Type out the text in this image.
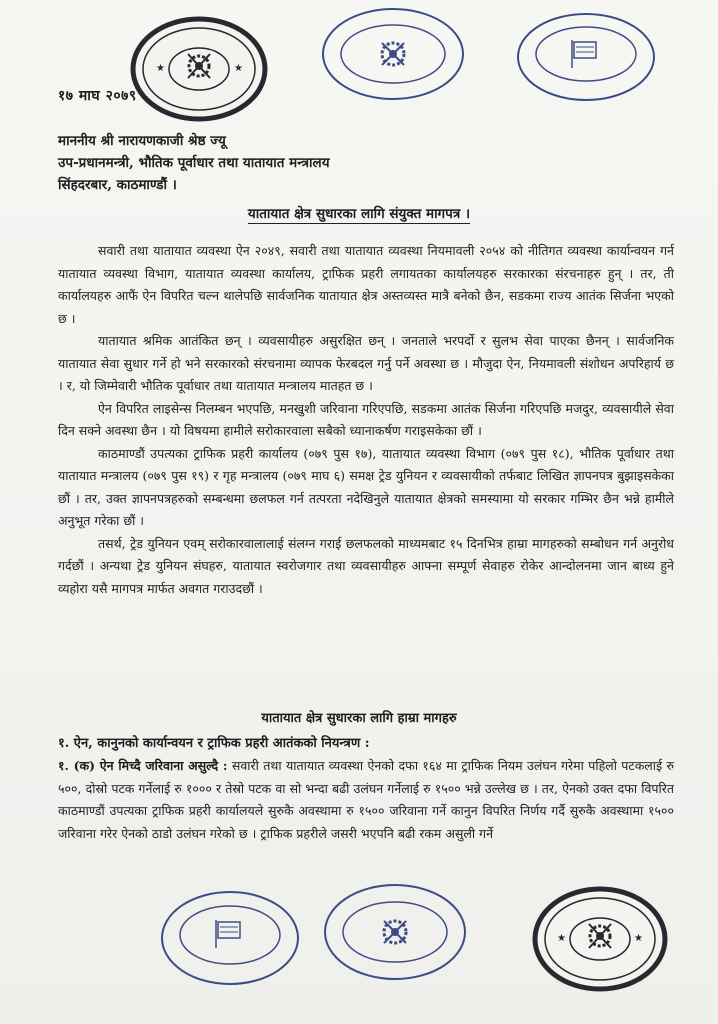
★	★
१७ माघ २०७९
माननीय श्री नारायणकाजी श्रेष्ठ ज्यू
उप-प्रधानमन्त्री, भौतिक पूर्वाधार तथा यातायात मन्त्रालय
सिंहदरबार, काठमाण्डौं ।
यातायात क्षेत्र सुधारका लागि संयुक्त मागपत्र ।

सवारी तथा यातायात व्यवस्था ऐन २०४९, सवारी तथा यातायात व्यवस्था नियमावली २०५४ को नीतिगत व्यवस्था कार्यान्वयन गर्न यातायात व्यवस्था विभाग, यातायात व्यवस्था कार्यालय, ट्राफिक प्रहरी लगायतका कार्यालयहरु सरकारका संरचनाहरु हुन् । तर, ती कार्यालयहरु आफैं ऐन विपरित चल्न थालेपछि सार्वजनिक यातायात क्षेत्र अस्तव्यस्त मात्रै बनेको छैन, सडकमा राज्य आतंक सिर्जना भएको छ ।

यातायात श्रमिक आतंकित छन् । व्यवसायीहरु असुरक्षित छन् । जनताले भरपर्दो र सुलभ सेवा पाएका छैनन् । सार्वजनिक यातायात सेवा सुधार गर्ने हो भने सरकारको संरचनामा व्यापक फेरबदल गर्नु पर्ने अवस्था छ । मौजुदा ऐन, नियमावली संशोधन अपरिहार्य छ । र, यो जिम्मेवारी भौतिक पूर्वाधार तथा यातायात मन्त्रालय मातहत छ ।

ऐन विपरित लाइसेन्स निलम्बन भएपछि, मनखुशी जरिवाना गरिएपछि, सडकमा आतंक सिर्जना गरिएपछि मजदुर, व्यवसायीले सेवा दिन सक्ने अवस्था छैन । यो विषयमा हामीले सरोकारवाला सबैको ध्यानाकर्षण गराइसकेका छौं ।

काठमाण्डौं उपत्यका ट्राफिक प्रहरी कार्यालय (०७९ पुस १७), यातायात व्यवस्था विभाग (०७९ पुस १८), भौतिक पूर्वाधार तथा यातायात मन्त्रालय (०७९ पुस १९) र गृह मन्त्रालय (०७९ माघ ६) समक्ष ट्रेड युनियन र व्यवसायीको तर्फबाट लिखित ज्ञापनपत्र बुझाइसकेका छौं । तर, उक्त ज्ञापनपत्रहरुको सम्बन्धमा छलफल गर्न तत्परता नदेखिनुले यातायात क्षेत्रको समस्यामा यो सरकार गम्भिर छैन भन्ने हामीले अनुभूत गरेका छौं ।

तसर्थ, ट्रेड युनियन एवम् सरोकारवालालाई संलग्न गराई छलफलको माध्यमबाट १५ दिनभित्र हाम्रा मागहरुको सम्बोधन गर्न अनुरोध गर्दछौं । अन्यथा ट्रेड युनियन संघहरु, यातायात स्वरोजगार तथा व्यवसायीहरु आफ्ना सम्पूर्ण सेवाहरु रोकेर आन्दोलनमा जान बाध्य हुने व्यहोरा यसै मागपत्र मार्फत अवगत गराउदछौं ।

यातायात क्षेत्र सुधारका लागि हाम्रा मागहरु
१. ऐन, कानुनको कार्यान्वयन र ट्राफिक प्रहरी आतंकको नियन्त्रण :
१. (क) ऐन मिच्दै जरिवाना असुल्दै : सवारी तथा यातायात व्यवस्था ऐनको दफा १६४ मा ट्राफिक नियम उलंघन गरेमा पहिलो पटकलाई रु ५००, दोस्रो पटक गर्नेलाई रु १००० र तेस्रो पटक वा सो भन्दा बढी उलंघन गर्नेलाई रु १५०० भन्ने उल्लेख छ । तर, ऐनको उक्त दफा विपरित काठमाण्डौं उपत्यका ट्राफिक प्रहरी कार्यालयले सुरुकै अवस्थामा रु १५०० जरिवाना गर्ने कानुन विपरित निर्णय गर्दै सुरुकै अवस्थामा १५०० जरिवाना गरेर ऐनको ठाडो उलंघन गरेको छ । ट्राफिक प्रहरीले जसरी भएपनि बढी रकम असुली गर्ने
★	★
